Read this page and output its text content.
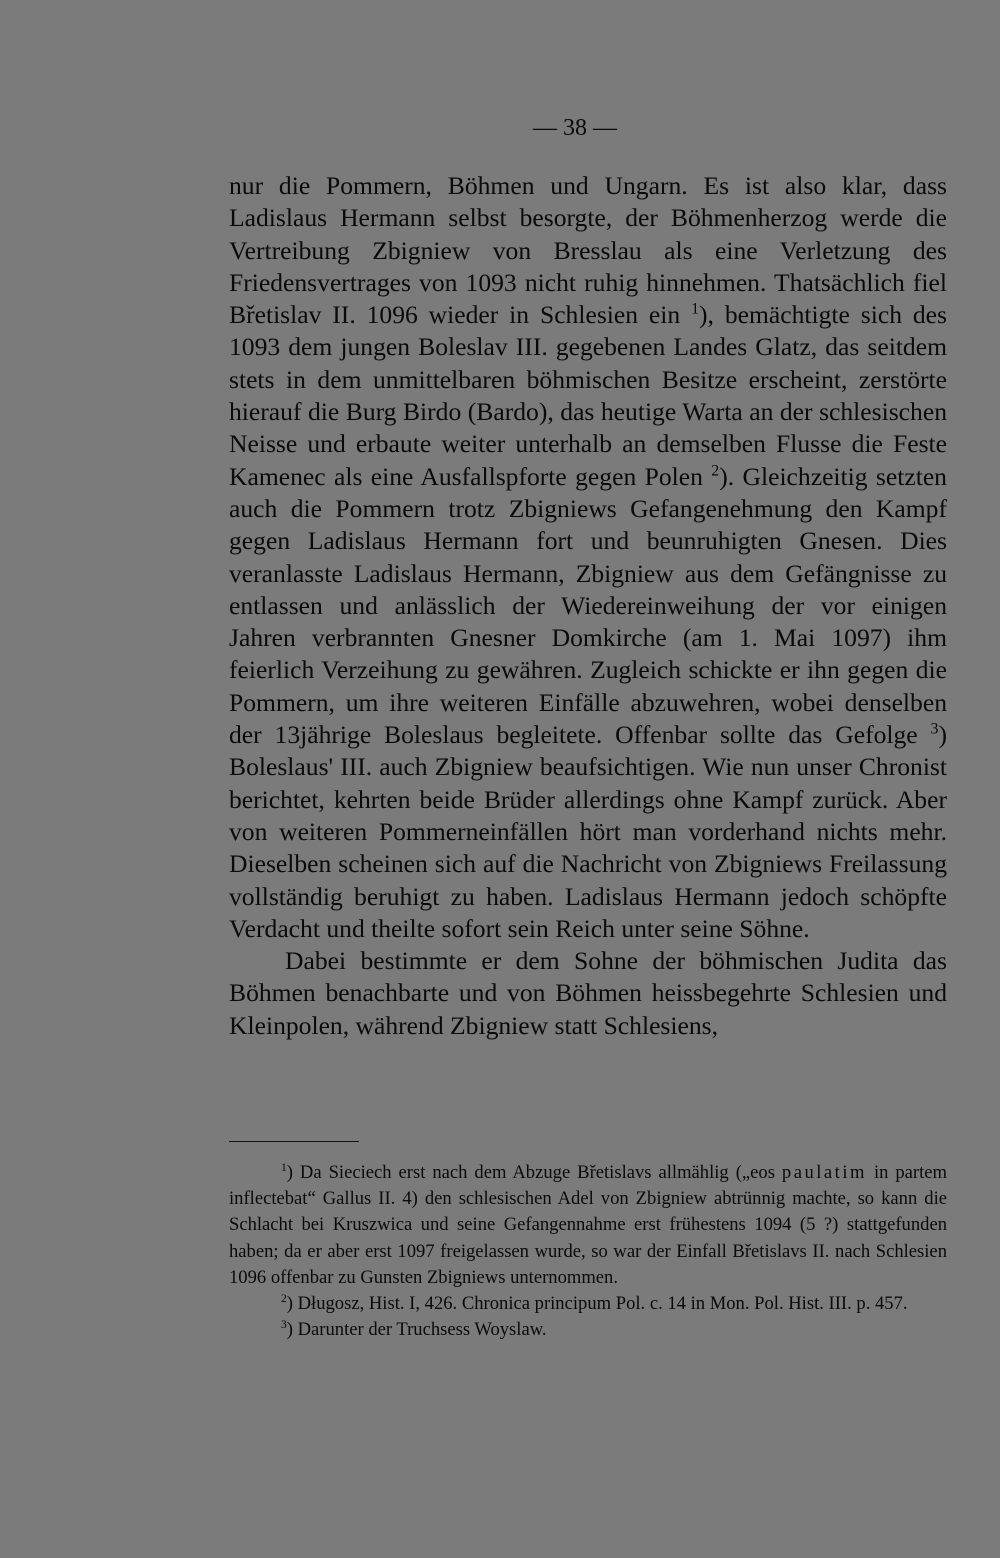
— 38 —

nur die Pommern, Böhmen und Ungarn. Es ist also klar, dass Ladislaus Hermann selbst besorgte, der Böhmenherzog werde die Vertreibung Zbigniew von Bresslau als eine Verletzung des Friedensvertrages von 1093 nicht ruhig hinnehmen. Thatsächlich fiel Břetislav II. 1096 wieder in Schlesien ein $^1$), bemächtigte sich des 1093 dem jungen Boleslav III. gegebenen Landes Glatz, das seitdem stets in dem unmittelbaren böhmischen Besitze erscheint, zerstörte hierauf die Burg Birdo (Bardo), das heutige Warta an der schlesischen Neisse und erbaute weiter unterhalb an demselben Flusse die Feste Kamenec als eine Ausfallspforte gegen Polen $^2$). Gleichzeitig setzten auch die Pommern trotz Zbigniews Gefangenehmung den Kampf gegen Ladislaus Hermann fort und beunruhigten Gnesen. Dies veranlasste Ladislaus Hermann, Zbigniew aus dem Gefängnisse zu entlassen und anlässlich der Wiedereinweihung der vor einigen Jahren verbrannten Gnesner Domkirche (am 1. Mai 1097) ihm feierlich Verzeihung zu gewähren. Zugleich schickte er ihn gegen die Pommern, um ihre weiteren Einfälle abzuwehren, wobei denselben der 13jährige Boleslaus begleitete. Offenbar sollte das Gefolge $^3$) Boleslaus' III. auch Zbigniew beaufsichtigen. Wie nun unser Chronist berichtet, kehrten beide Brüder allerdings ohne Kampf zurück. Aber von weiteren Pommerneinfällen hört man vorderhand nichts mehr. Dieselben scheinen sich auf die Nachricht von Zbigniews Freilassung vollständig beruhigt zu haben. Ladislaus Hermann jedoch schöpfte Verdacht und theilte sofort sein Reich unter seine Söhne.

Dabei bestimmte er dem Sohne der böhmischen Judita das Böhmen benachbarte und von Böhmen heissbegehrte Schlesien und Kleinpolen, während Zbigniew statt Schlesiens,

$^1$) Da Sieciech erst nach dem Abzuge Břetislavs allmählig („eos paulatim in partem inflectebat“ Gallus II. 4) den schlesischen Adel von Zbigniew abtrünnig machte, so kann die Schlacht bei Kruszwica und seine Gefangennahme erst frühestens 1094 (5 ?) stattgefunden haben; da er aber erst 1097 freigelassen wurde, so war der Einfall Břetislavs II. nach Schlesien 1096 offenbar zu Gunsten Zbigniews unternommen.

$^2$) Długosz, Hist. I, 426. Chronica principum Pol. c. 14 in Mon. Pol. Hist. III. p. 457.

$^3$) Darunter der Truchsess Woyslaw.
